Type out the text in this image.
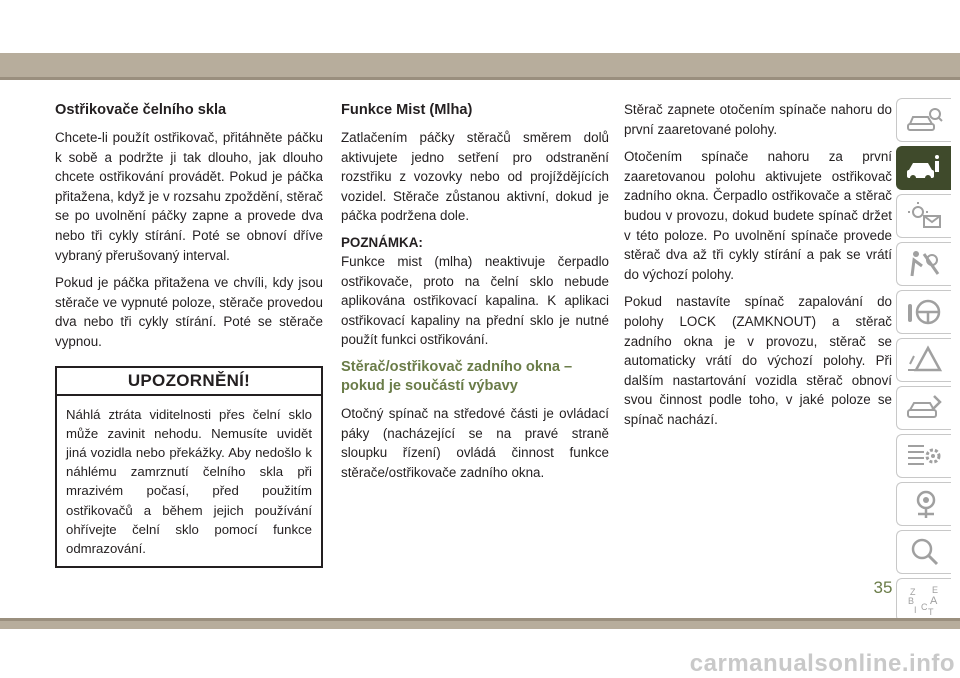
Ostřikovače čelního skla

Chcete-li použít ostřikovač, přitáhněte páčku k sobě a podržte ji tak dlouho, jak dlouho chcete ostřikování provádět. Pokud je páčka přitažena, když je v rozsahu zpoždění, stěrač se po uvolnění páčky zapne a provede dva nebo tři cykly stírání. Poté se obnoví dříve vybraný přerušovaný interval.

Pokud je páčka přitažena ve chvíli, kdy jsou stěrače ve vypnuté poloze, stěrače provedou dva nebo tři cykly stírání. Poté se stěrače vypnou.

UPOZORNĚNÍ!

Náhlá ztráta viditelnosti přes čelní sklo může zavinit nehodu. Nemusíte uvidět jiná vozidla nebo překážky. Aby nedošlo k náhlému zamrznutí čelního skla při mrazivém počasí, před použitím ostřikovačů a během jejich používání ohřívejte čelní sklo pomocí funkce odmrazování.

Funkce Mist (Mlha)

Zatlačením páčky stěračů směrem dolů aktivujete jedno setření pro odstranění rozstřiku z vozovky nebo od projíždějících vozidel. Stěrače zůstanou aktivní, dokud je páčka podržena dole.

POZNÁMKA:

Funkce mist (mlha) neaktivuje čerpadlo ostřikovače, proto na čelní sklo nebude aplikována ostřikovací kapalina. K aplikaci ostřikovací kapaliny na přední sklo je nutné použít funkci ostřikování.

Stěrač/ostřikovač zadního okna – pokud je součástí výbavy

Otočný spínač na středové části je ovládací páky (nacházející se na pravé straně sloupku řízení) ovládá činnost funkce stěrače/ostřikovače zadního okna.

Stěrač zapnete otočením spínače nahoru do první zaaretované polohy.

Otočením spínače nahoru za první zaaretovanou polohu aktivujete ostřikovač zadního okna. Čerpadlo ostřikovače a stěrač budou v provozu, dokud budete spínač držet v této poloze. Po uvolnění spínače provede stěrač dva až tři cykly stírání a pak se vrátí do výchozí polohy.

Pokud nastavíte spínač zapalování do polohy LOCK (ZAMKNOUT) a stěrač zadního okna je v provozu, stěrač se automaticky vrátí do výchozí polohy. Při dalším nastartování vozidla stěrač obnoví svou činnost podle toho, v jaké poloze se spínač nachází.

Z E
B A
I C T
35
carmanualsonline.info
